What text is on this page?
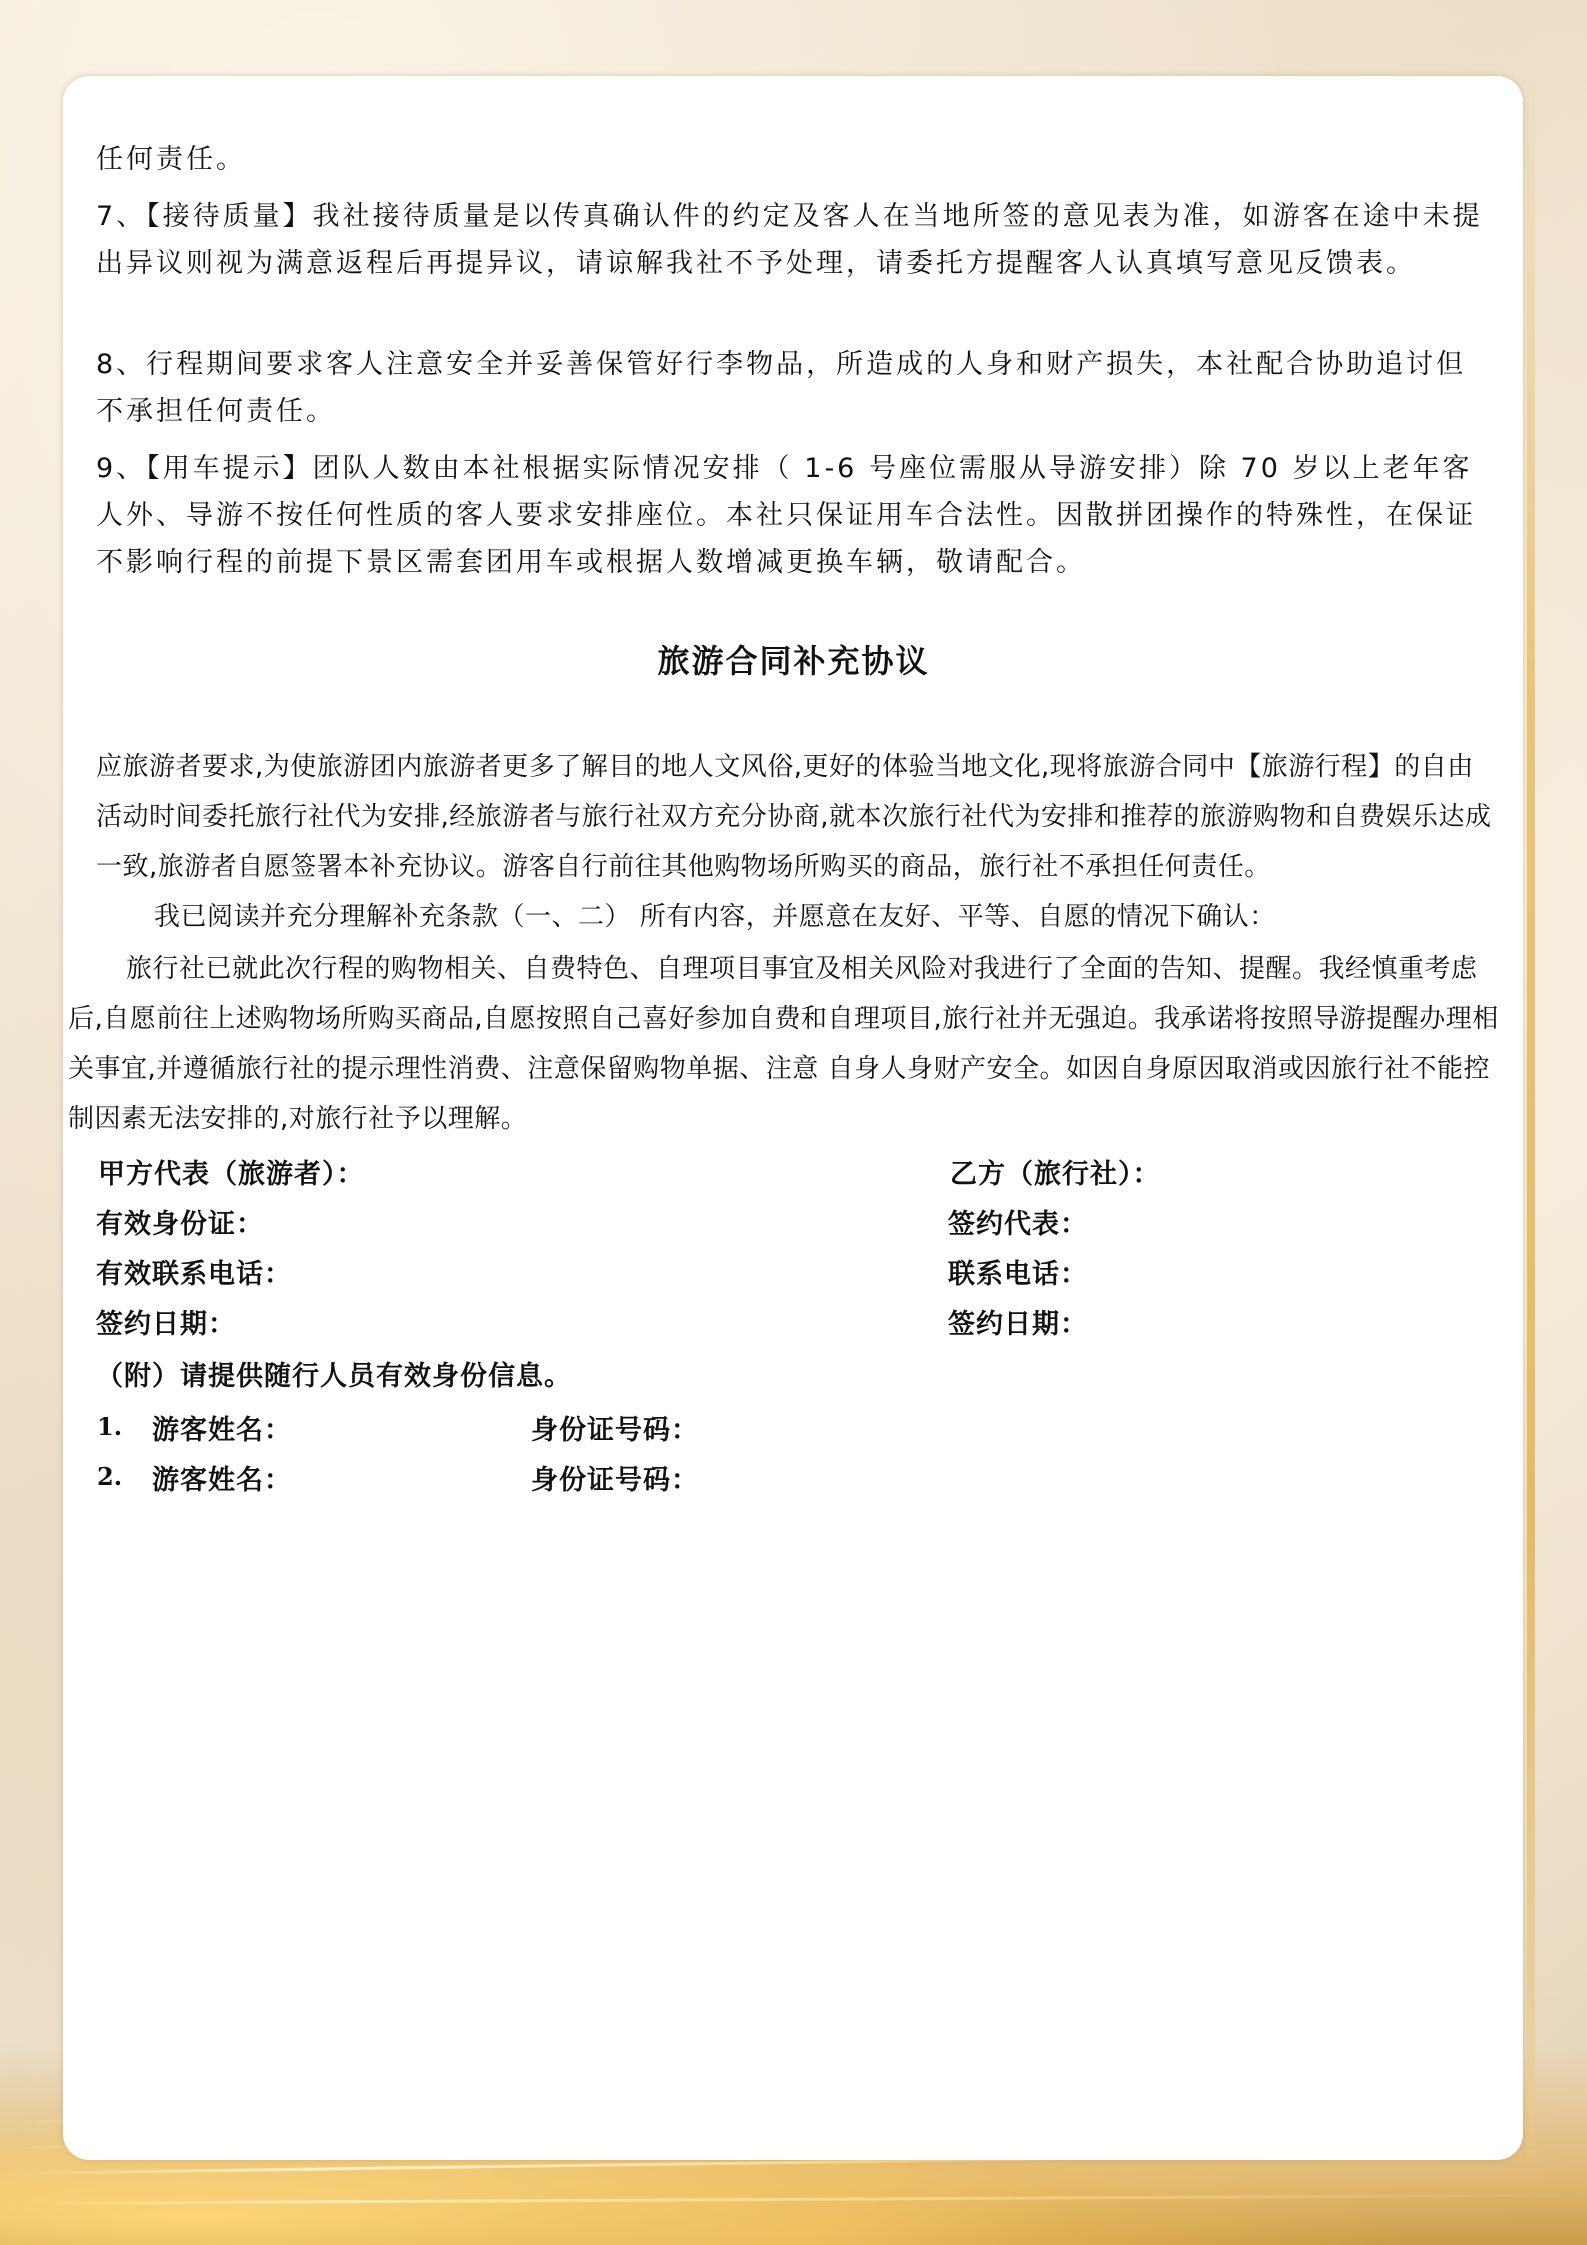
任何责任。

7、【接待质量】我社接待质量是以传真确认件的约定及客人在当地所签的意见表为准，如游客在途中未提出异议则视为满意返程后再提异议，请谅解我社不予处理，请委托方提醒客人认真填写意见反馈表。

8、行程期间要求客人注意安全并妥善保管好行李物品，所造成的人身和财产损失，本社配合协助追讨但不承担任何责任。

9、【用车提示】团队人数由本社根据实际情况安排（ 1-6 号座位需服从导游安排）除 70 岁以上老年客人外、导游不按任何性质的客人要求安排座位。本社只保证用车合法性。因散拼团操作的特殊性，在保证不影响行程的前提下景区需套团用车或根据人数增减更换车辆，敬请配合。

旅游合同补充协议

应旅游者要求,为使旅游团内旅游者更多了解目的地人文风俗,更好的体验当地文化,现将旅游合同中【旅游行程】的自由活动时间委托旅行社代为安排,经旅游者与旅行社双方充分协商,就本次旅行社代为安排和推荐的旅游购物和自费娱乐达成一致,旅游者自愿签署本补充协议。游客自行前往其他购物场所购买的商品，旅行社不承担任何责任。

我已阅读并充分理解补充条款（一、二） 所有内容，并愿意在友好、平等、自愿的情况下确认：

旅行社已就此次行程的购物相关、自费特色、自理项目事宜及相关风险对我进行了全面的告知、提醒。我经慎重考虑后,自愿前往上述购物场所购买商品,自愿按照自己喜好参加自费和自理项目,旅行社并无强迫。我承诺将按照导游提醒办理相关事宜,并遵循旅行社的提示理性消费、注意保留购物单据、注意 自身人身财产安全。如因自身原因取消或因旅行社不能控制因素无法安排的,对旅行社予以理解。

甲方代表（旅游者）：	乙方（旅行社）：

有效身份证：	签约代表：

有效联系电话：	联系电话：

签约日期：	签约日期：

（附）请提供随行人员有效身份信息。

1. 游客姓名：	身份证号码：

2. 游客姓名：	身份证号码：
